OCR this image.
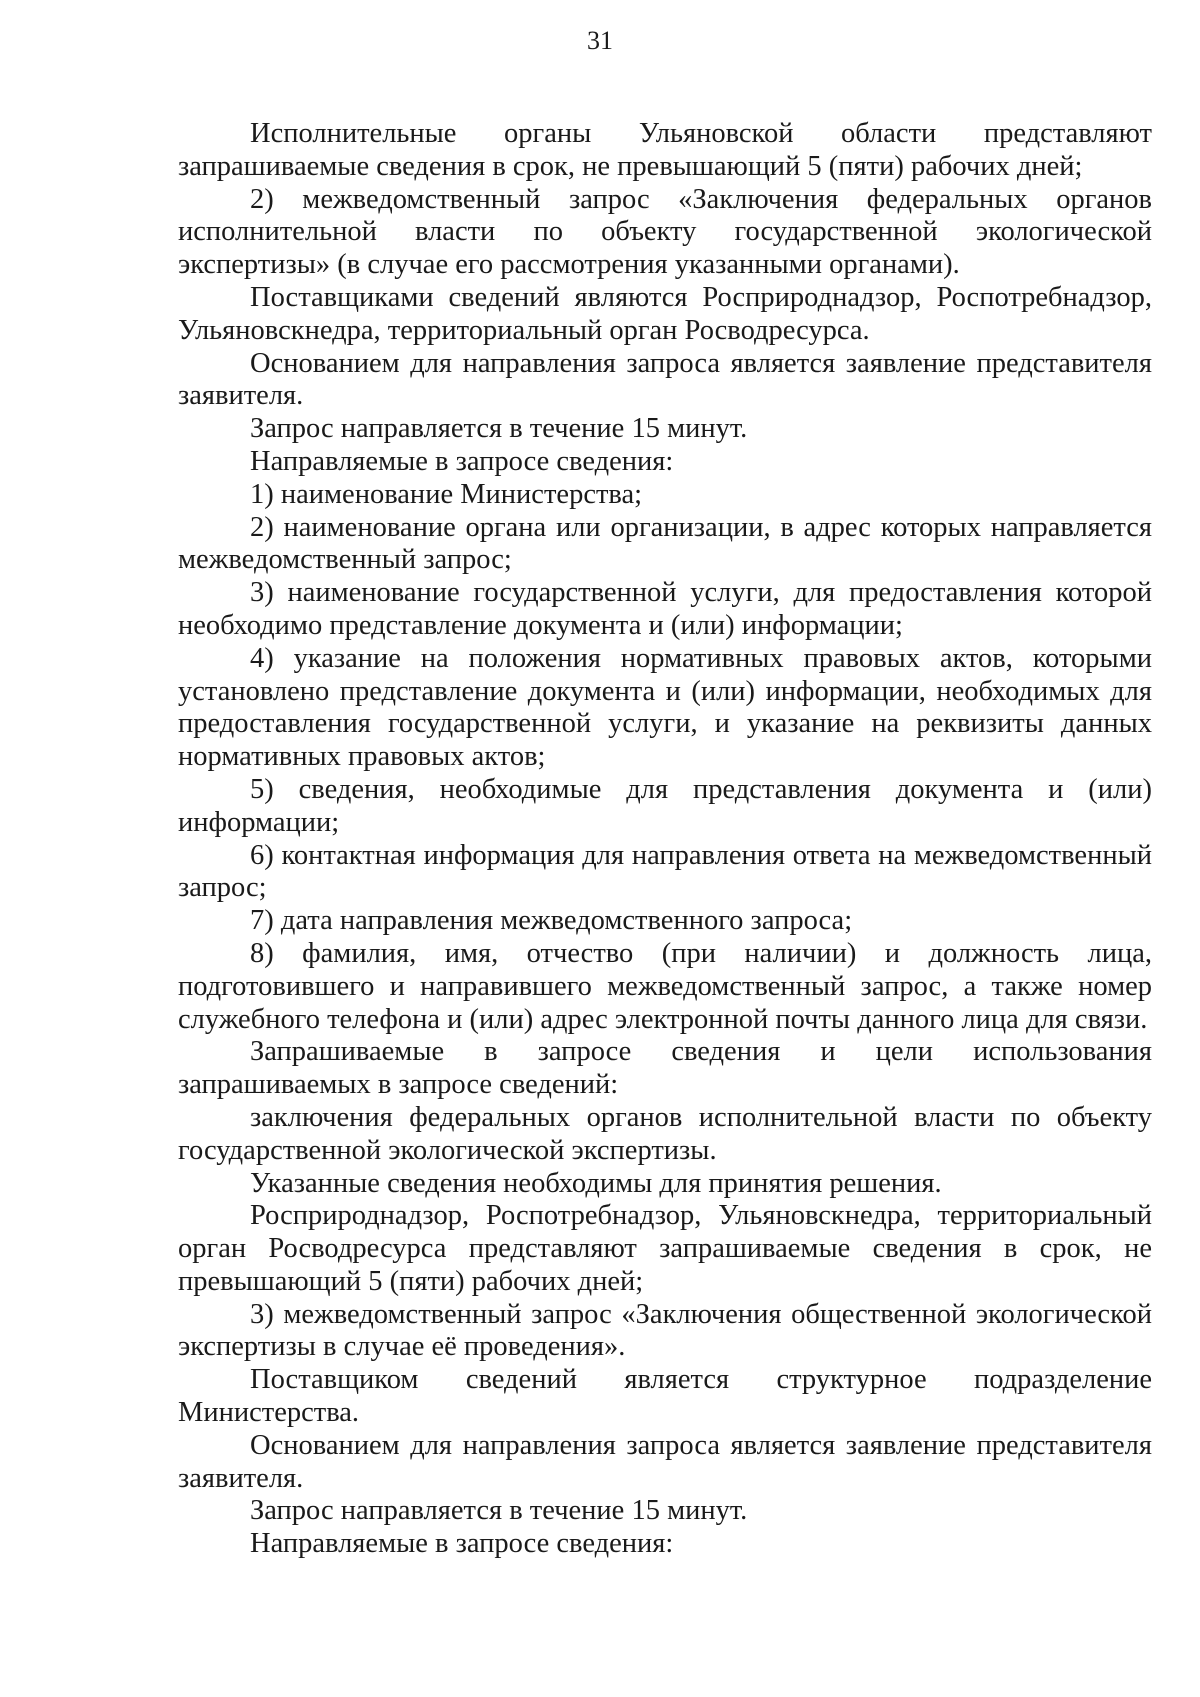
31

Исполнительные органы Ульяновской области представляют запрашиваемые сведения в срок, не превышающий 5 (пяти) рабочих дней;

2) межведомственный запрос «Заключения федеральных органов исполнительной власти по объекту государственной экологической экспертизы» (в случае его рассмотрения указанными органами).

Поставщиками сведений являются Росприроднадзор, Роспотребнадзор, Ульяновскнедра, территориальный орган Росводресурса.

Основанием для направления запроса является заявление представителя заявителя.

Запрос направляется в течение 15 минут.

Направляемые в запросе сведения:

1) наименование Министерства;

2) наименование органа или организации, в адрес которых направляется межведомственный запрос;

3) наименование государственной услуги, для предоставления которой необходимо представление документа и (или) информации;

4) указание на положения нормативных правовых актов, которыми установлено представление документа и (или) информации, необходимых для предоставления государственной услуги, и указание на реквизиты данных нормативных правовых актов;

5) сведения, необходимые для представления документа и (или) информации;

6) контактная информация для направления ответа на межведомственный запрос;

7) дата направления межведомственного запроса;

8) фамилия, имя, отчество (при наличии) и должность лица, подготовившего и направившего межведомственный запрос, а также номер служебного телефона и (или) адрес электронной почты данного лица для связи.

Запрашиваемые в запросе сведения и цели использования запрашиваемых в запросе сведений:

заключения федеральных органов исполнительной власти по объекту государственной экологической экспертизы.

Указанные сведения необходимы для принятия решения.

Росприроднадзор, Роспотребнадзор, Ульяновскнедра, территориальный орган Росводресурса представляют запрашиваемые сведения в срок, не превышающий 5 (пяти) рабочих дней;

3) межведомственный запрос «Заключения общественной экологической экспертизы в случае её проведения».

Поставщиком сведений является структурное подразделение Министерства.

Основанием для направления запроса является заявление представителя заявителя.

Запрос направляется в течение 15 минут.

Направляемые в запросе сведения:
